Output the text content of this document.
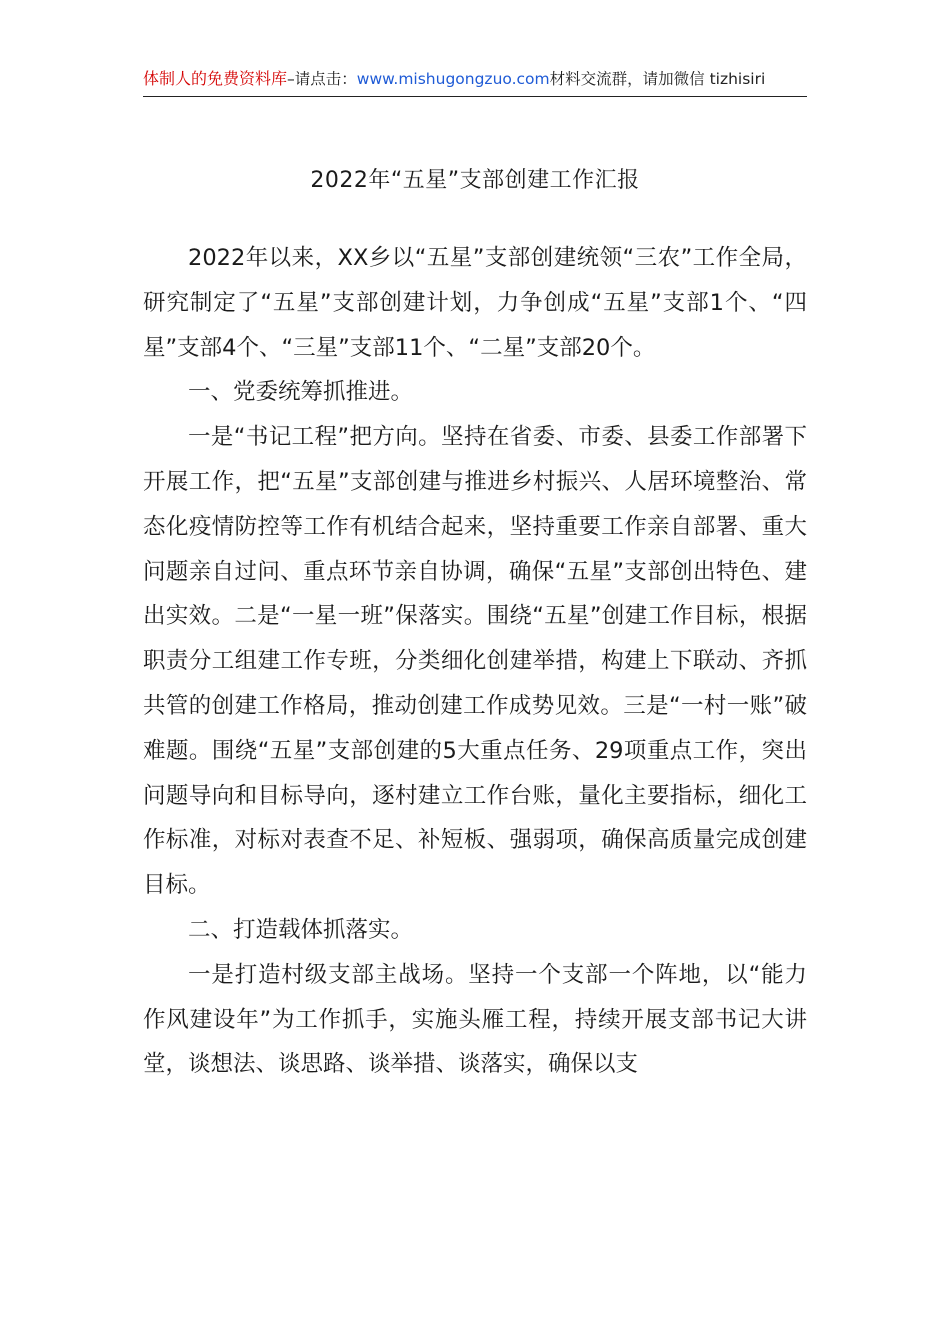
体制人的免费资料库–请点击：www.mishugongzuo.com材料交流群，请加微信 tizhisiri
2022年“五星”支部创建工作汇报

2022年以来，XX乡以“五星”支部创建统领“三农”工作全局，研究制定了“五星”支部创建计划，力争创成“五星”支部1个、“四星”支部4个、“三星”支部11个、“二星”支部20个。

一、党委统筹抓推进。

一是“书记工程”把方向。坚持在省委、市委、县委工作部署下开展工作，把“五星”支部创建与推进乡村振兴、人居环境整治、常态化疫情防控等工作有机结合起来，坚持重要工作亲自部署、重大问题亲自过问、重点环节亲自协调，确保“五星”支部创出特色、建出实效。二是“一星一班”保落实。围绕“五星”创建工作目标，根据职责分工组建工作专班，分类细化创建举措，构建上下联动、齐抓共管的创建工作格局，推动创建工作成势见效。三是“一村一账”破难题。围绕“五星”支部创建的5大重点任务、29项重点工作，突出问题导向和目标导向，逐村建立工作台账，量化主要指标，细化工作标准，对标对表查不足、补短板、强弱项，确保高质量完成创建目标。

二、打造载体抓落实。

一是打造村级支部主战场。坚持一个支部一个阵地，以“能力作风建设年”为工作抓手，实施头雁工程，持续开展支部书记大讲堂，谈想法、谈思路、谈举措、谈落实，确保以支
